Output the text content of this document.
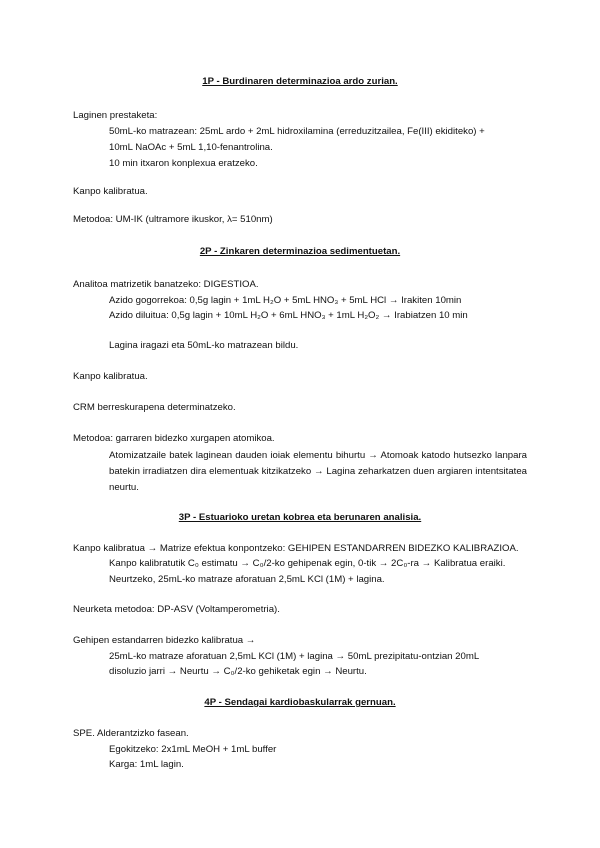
1P - Burdinaren determinazioa ardo zurian.
Laginen prestaketa:
50mL-ko matrazean: 25mL ardo + 2mL hidroxilamina (erreduzitzailea, Fe(III) ekiditeko) +
10mL NaOAc + 5mL 1,10-fenantrolina.
10 min itxaron konplexua eratzeko.
Kanpo kalibratua.
Metodoa: UM-IK (ultramore ikuskor, λ= 510nm)
2P - Zinkaren determinazioa sedimentuetan.
Analitoa matrizetik banatzeko: DIGESTIOA.
Azido gogorrekoa: 0,5g lagin + 1mL H₂O + 5mL HNO₃ + 5mL HCl → Irakiten 10min
Azido diluitua: 0,5g lagin + 10mL H₂O + 6mL HNO₃ + 1mL H₂O₂ → Irabiatzen 10 min
Lagina iragazi eta 50mL-ko matrazean bildu.
Kanpo kalibratua.
CRM berreskurapena determinatzeko.
Metodoa: garraren bidezko xurgapen atomikoa.
Atomizatzaile batek laginean dauden ioiak elementu bihurtu → Atomoak katodo hutsezko lanpara batekin irradiatzen dira elementuak kitzikatzeko → Lagina zeharkatzen duen argiaren intentsitatea neurtu.
3P - Estuarioko uretan kobrea eta berunaren analisia.
Kanpo kalibratua → Matrize efektua konpontzeko: GEHIPEN ESTANDARREN BIDEZKO KALIBRAZIOA.
Kanpo kalibratutik C₀ estimatu → C₀/2-ko gehipenak egin, 0-tik → 2C₀-ra → Kalibratua eraiki.
Neurtzeko, 25mL-ko matraze aforatuan 2,5mL KCl (1M) + lagina.
Neurketa metodoa: DP-ASV (Voltamperometria).
Gehipen estandarren bidezko kalibratua →
25mL-ko matraze aforatuan 2,5mL KCl (1M) + lagina → 50mL prezipitatu-ontzian 20mL
disoluzio jarri → Neurtu → C₀/2-ko gehiketak egin → Neurtu.
4P - Sendagai kardiobaskularrak gernuan.
SPE. Alderantzizko fasean.
Egokitzeko: 2x1mL MeOH + 1mL buffer
Karga: 1mL lagin.
